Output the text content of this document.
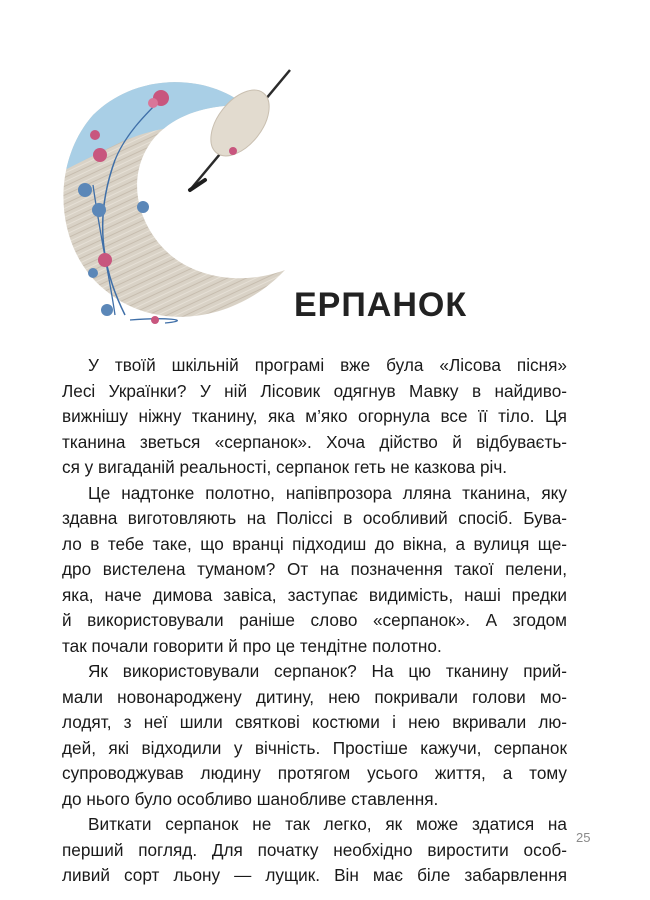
ЕРПАНОК

У твоїй шкільній програмі вже була «Лісова пісня»
Лесі Українки? У ній Лісовик одягнув Мавку в найдиво-
вижнішу ніжну тканину, яка м’яко огорнула все її тіло. Ця
тканина зветься «серпанок». Хоча дійство й відбуваєть-
ся у вигаданій реальності, серпанок геть не казкова річ.

Це надтонке полотно, напівпрозора лляна тканина, яку
здавна виготовляють на Поліссі в особливий спосіб. Бува-
ло в тебе таке, що вранці підходиш до вікна, а вулиця ще-
дро вистелена туманом? От на позначення такої пелени,
яка, наче димова завіса, заступає видимість, наші предки
й використовували раніше слово «серпанок». А згодом
так почали говорити й про це тендітне полотно.

Як використовували серпанок? На цю тканину прий-
мали новонароджену дитину, нею покривали голови мо-
лодят, з неї шили святкові костюми і нею вкривали лю-
дей, які відходили у вічність. Простіше кажучи, серпанок
супроводжував людину протягом усього життя, а тому
до нього було особливо шанобливе ставлення.

Виткати серпанок не так легко, як може здатися на
перший погляд. Для початку необхідно виростити особ-
ливий сорт льону — лущик. Він має біле забарвлення

25
